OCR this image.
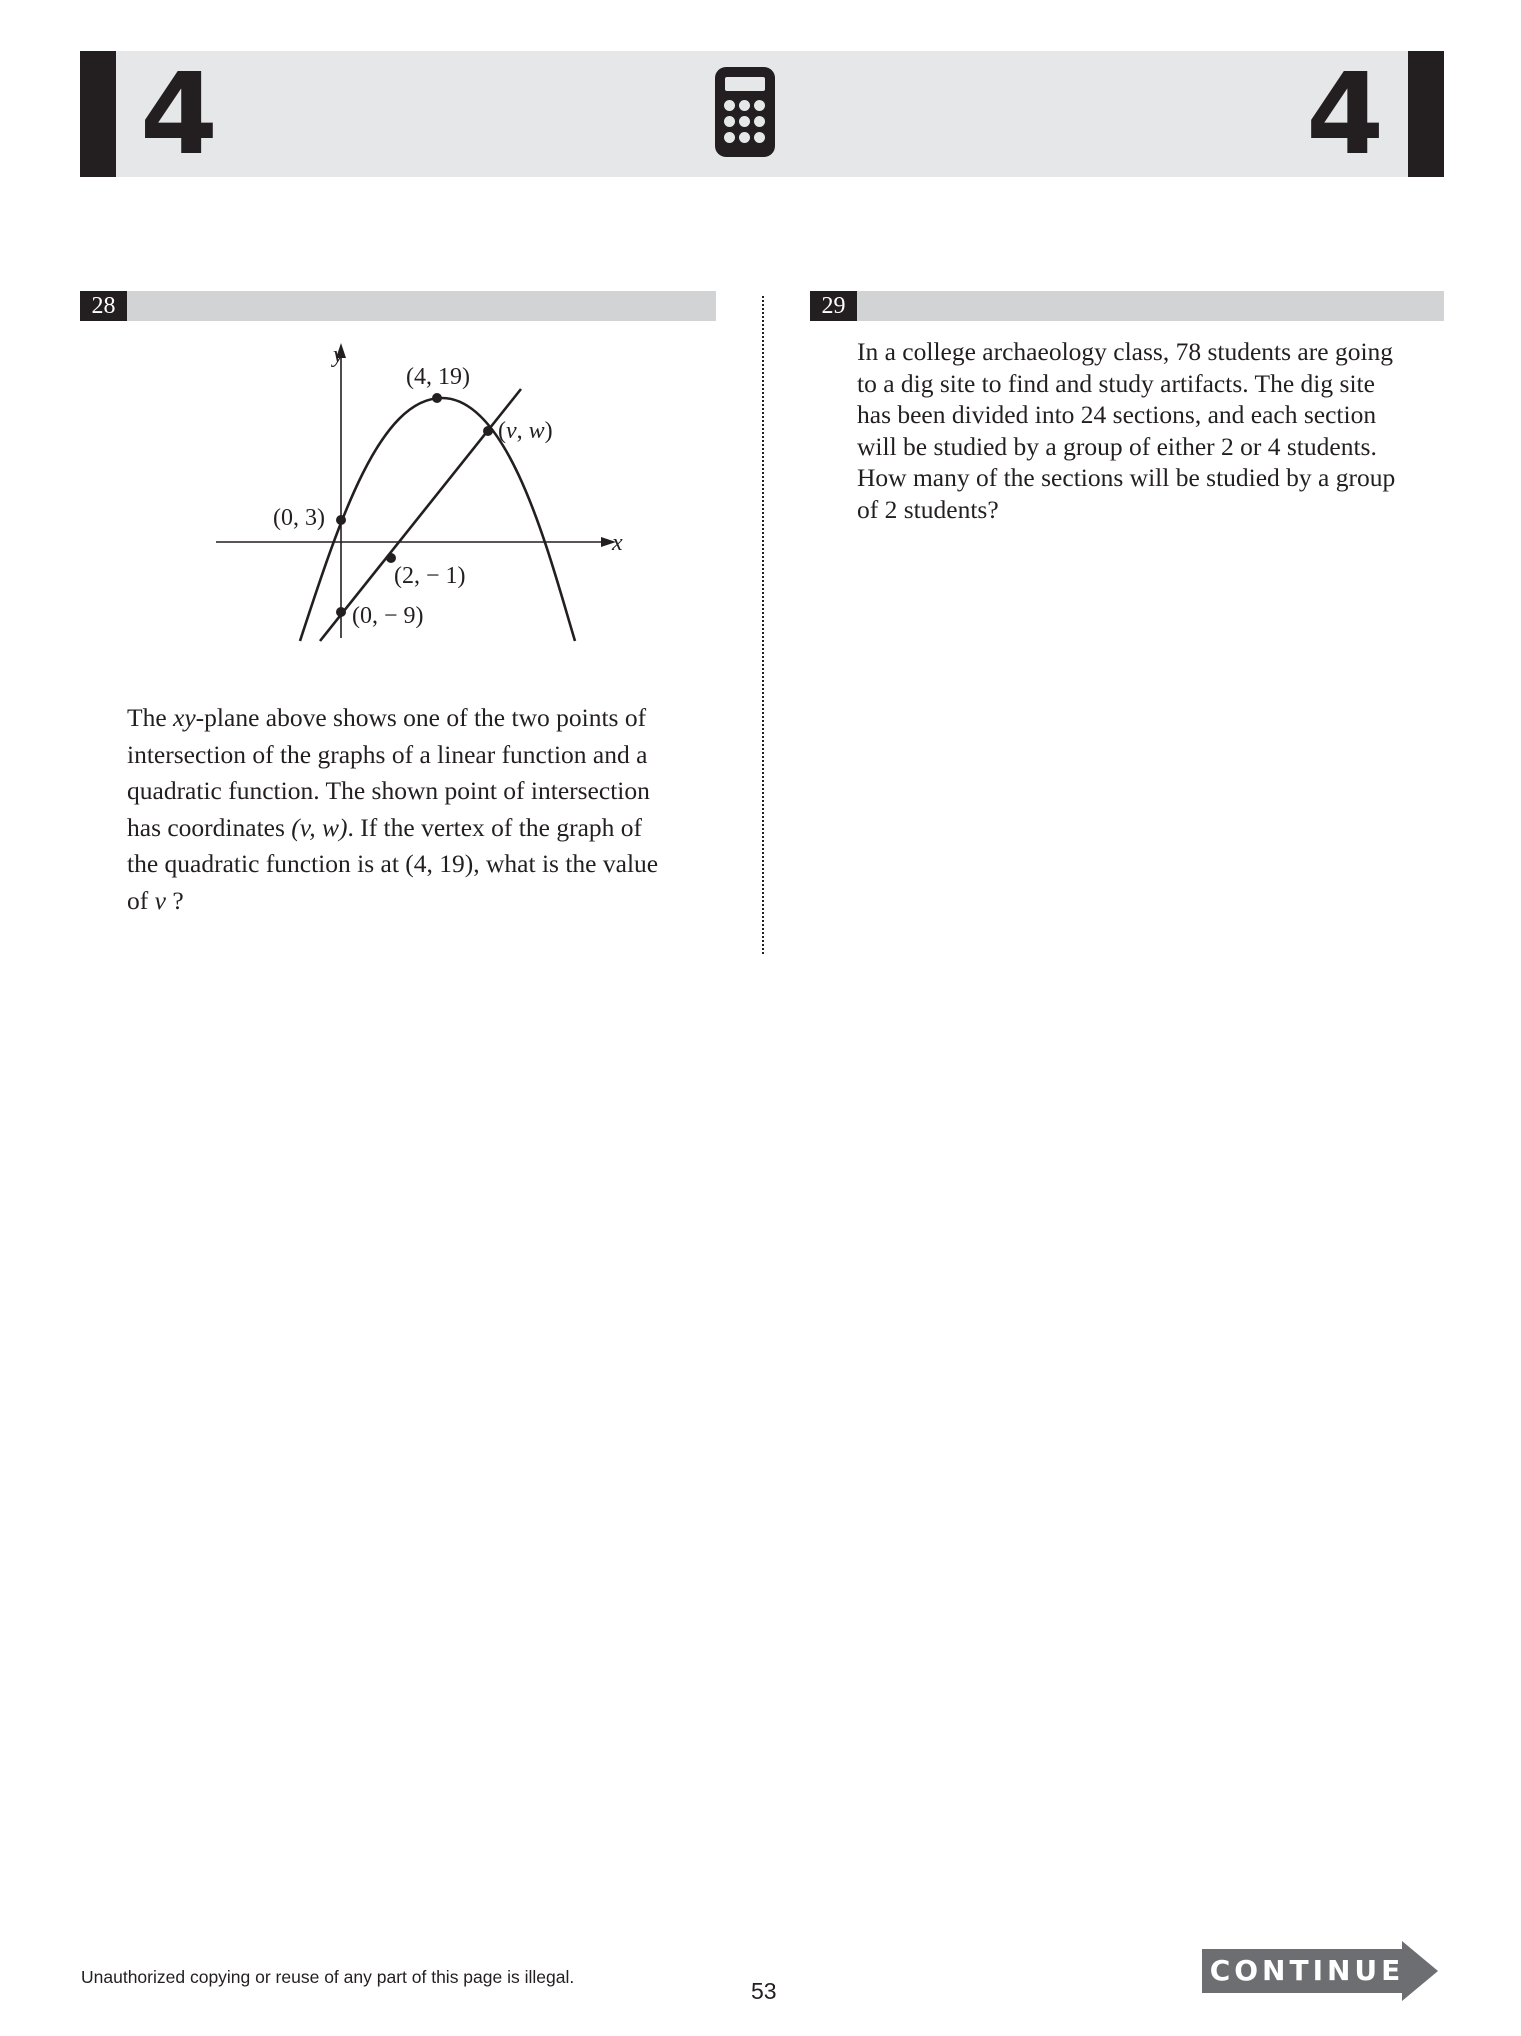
4	4
28
y
x
(4, 19)
(v, w)
(0, 3)
(2, − 1)
(0, − 9)
The xy-plane above shows one of the two points of
intersection of the graphs of a linear function and a
quadratic function. The shown point of intersection
has coordinates (v, w). If the vertex of the graph of
the quadratic function is at (4, 19), what is the value
of v ?
29
In a college archaeology class, 78 students are going
to a dig site to find and study artifacts. The dig site
has been divided into 24 sections, and each section
will be studied by a group of either 2 or 4 students.
How many of the sections will be studied by a group
of 2 students?
Unauthorized copying or reuse of any part of this page is illegal.
53
CONTINUE
